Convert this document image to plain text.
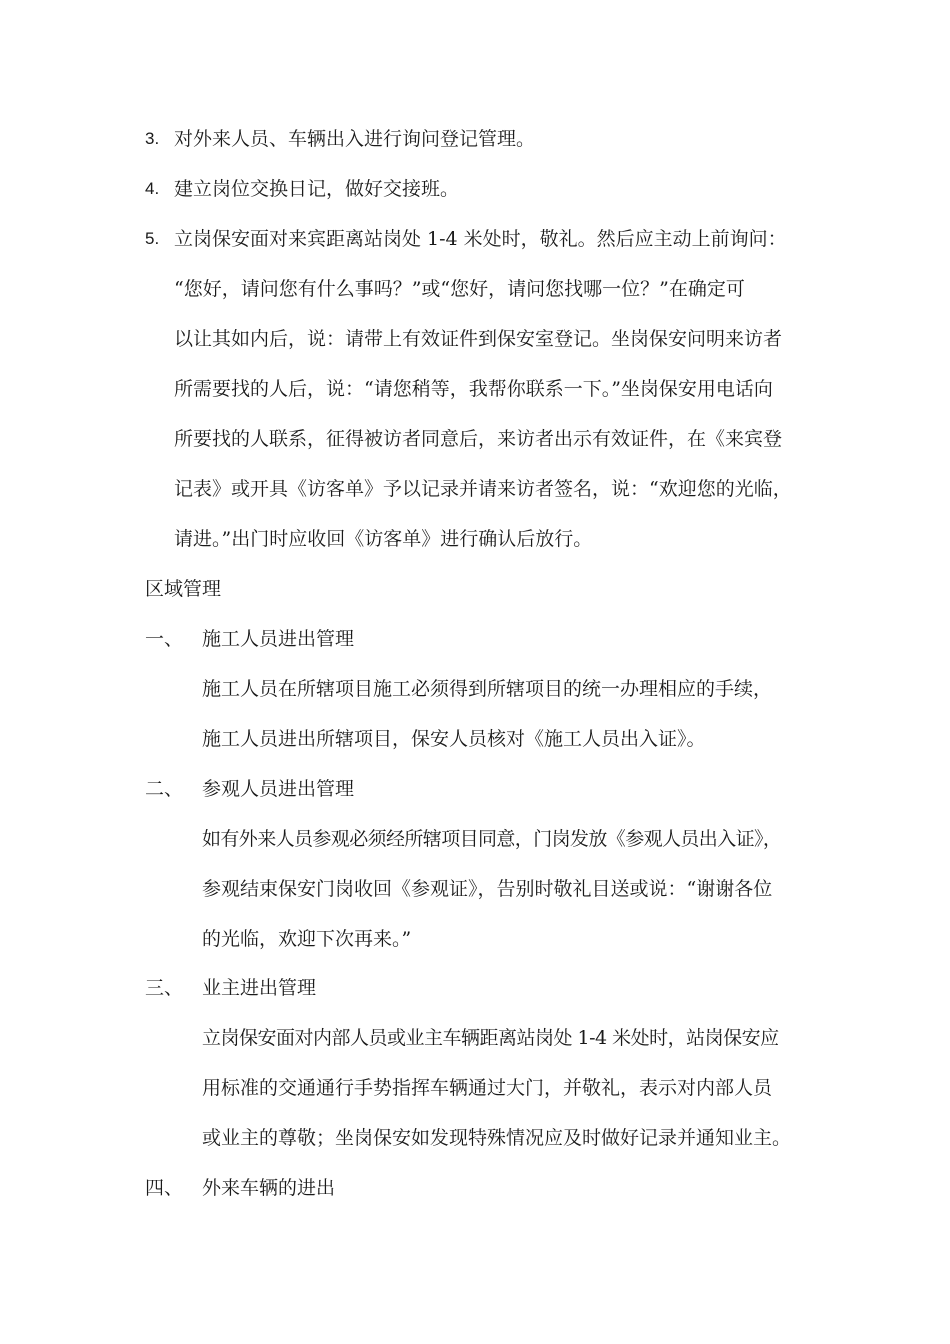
3. 对外来人员、车辆出入进行询问登记管理。
4. 建立岗位交换日记，做好交接班。
5. 立岗保安面对来宾距离站岗处 1-4 米处时，敬礼。然后应主动上前询问：
“您好，请问您有什么事吗？”或“您好，请问您找哪一位？”在确定可
以让其如内后，说：请带上有效证件到保安室登记。坐岗保安问明来访者
所需要找的人后，说：“请您稍等，我帮你联系一下。”坐岗保安用电话向
所要找的人联系，征得被访者同意后，来访者出示有效证件，在《来宾登
记表》或开具《访客单》予以记录并请来访者签名，说：“欢迎您的光临，
请进。”出门时应收回《访客单》进行确认后放行。
区域管理
一、 施工人员进出管理
施工人员在所辖项目施工必须得到所辖项目的统一办理相应的手续，
施工人员进出所辖项目，保安人员核对《施工人员出入证》。
二、 参观人员进出管理
如有外来人员参观必须经所辖项目同意，门岗发放《参观人员出入证》，
参观结束保安门岗收回《参观证》，告别时敬礼目送或说：“谢谢各位
的光临，欢迎下次再来。”
三、 业主进出管理
立岗保安面对内部人员或业主车辆距离站岗处 1-4 米处时，站岗保安应
用标准的交通通行手势指挥车辆通过大门，并敬礼，表示对内部人员
或业主的尊敬；坐岗保安如发现特殊情况应及时做好记录并通知业主。
四、 外来车辆的进出
